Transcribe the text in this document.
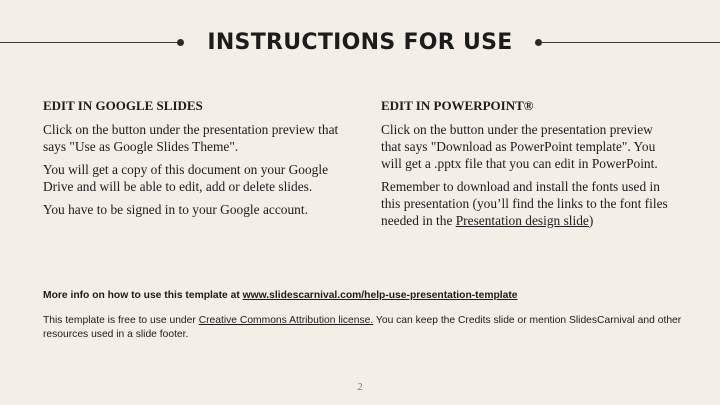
INSTRUCTIONS FOR USE

EDIT IN GOOGLE SLIDES

Click on the button under the presentation preview that says "Use as Google Slides Theme".

You will get a copy of this document on your Google Drive and will be able to edit, add or delete slides.

You have to be signed in to your Google account.

EDIT IN POWERPOINT®

Click on the button under the presentation preview that says "Download as PowerPoint template". You will get a .pptx file that you can edit in PowerPoint.

Remember to download and install the fonts used in this presentation (you’ll find the links to the font files needed in the Presentation design slide)

More info on how to use this template at www.slidescarnival.com/help-use-presentation-template

This template is free to use under Creative Commons Attribution license. You can keep the Credits slide or mention SlidesCarnival and other resources used in a slide footer.

2
